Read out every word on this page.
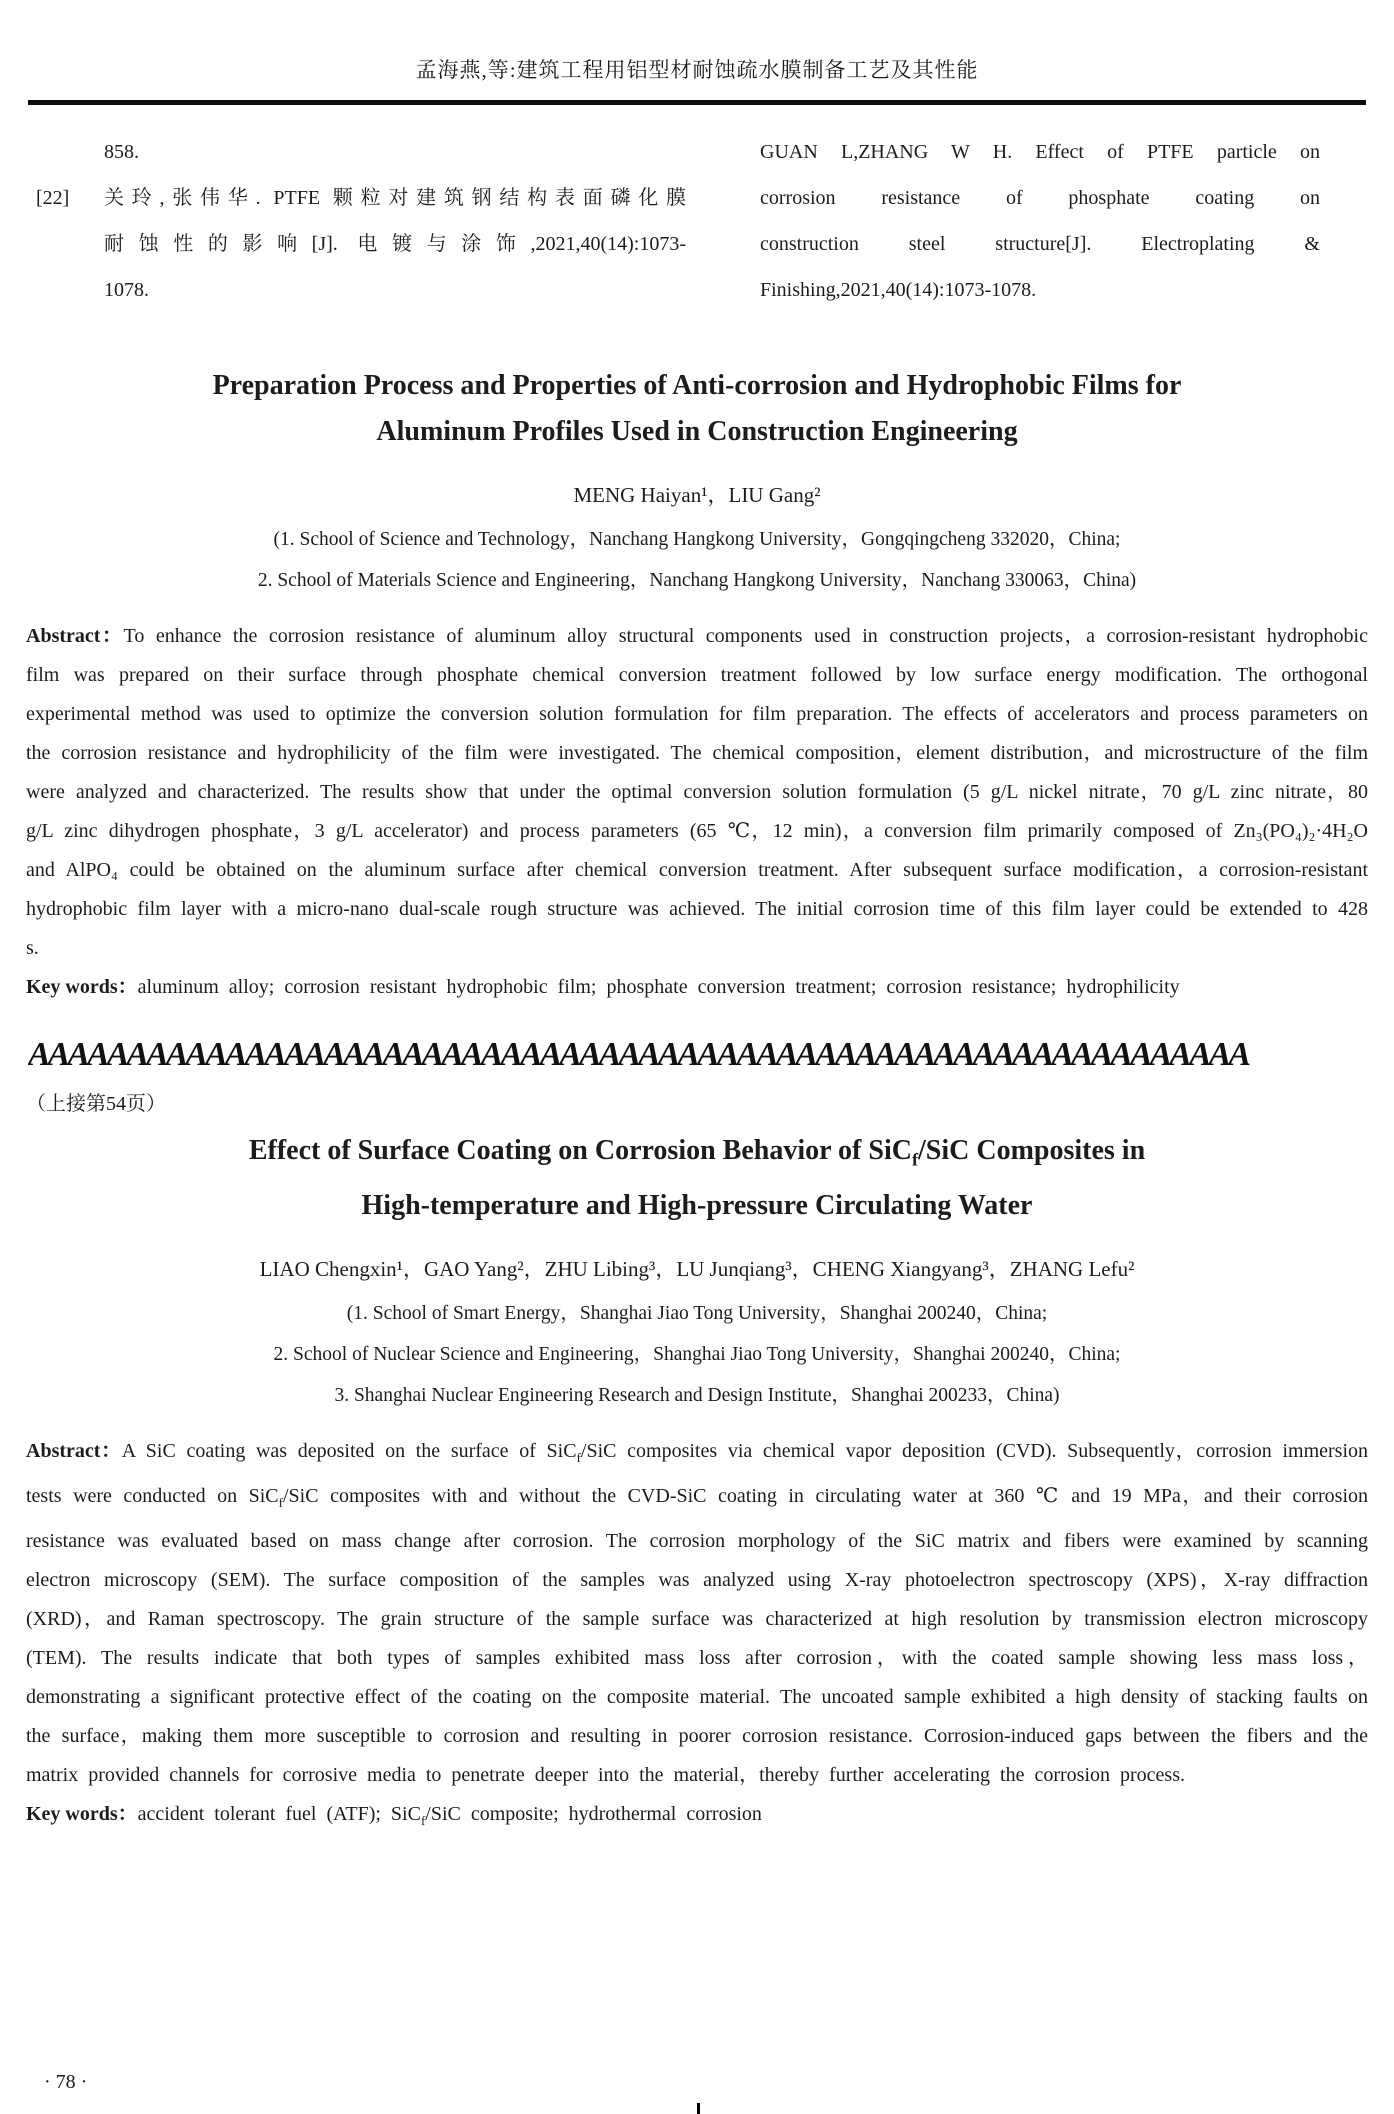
孟海燕,等:建筑工程用铝型材耐蚀疏水膜制备工艺及其性能
858.
[22]	关玲,张伟华. PTFE 颗粒对建筑钢结构表面磷化膜
耐蚀性的影响[J]. 电镀与涂饰,2021,40(14):1073-
1078.
GUAN L,ZHANG W H. Effect of PTFE particle on
corrosion resistance of phosphate coating on
construction steel structure[J]. Electroplating &
Finishing,2021,40(14):1073-1078.
Preparation Process and Properties of Anti-corrosion and Hydrophobic Films for
Aluminum Profiles Used in Construction Engineering
MENG Haiyan¹，LIU Gang²
(1. School of Science and Technology，Nanchang Hangkong University，Gongqingcheng 332020，China;
2. School of Materials Science and Engineering，Nanchang Hangkong University，Nanchang 330063，China)
Abstract：To enhance the corrosion resistance of aluminum alloy structural components used in construction projects，a corrosion-resistant hydrophobic film was prepared on their surface through phosphate chemical conversion treatment followed by low surface energy modification. The orthogonal experimental method was used to optimize the conversion solution formulation for film preparation. The effects of accelerators and process parameters on the corrosion resistance and hydrophilicity of the film were investigated. The chemical composition，element distribution，and microstructure of the film were analyzed and characterized. The results show that under the optimal conversion solution formulation (5 g/L nickel nitrate，70 g/L zinc nitrate，80 g/L zinc dihydrogen phosphate，3 g/L accelerator) and process parameters (65 ℃，12 min)，a conversion film primarily composed of Zn₃(PO₄)₂·4H₂O and AlPO₄ could be obtained on the aluminum surface after chemical conversion treatment. After subsequent surface modification，a corrosion-resistant hydrophobic film layer with a micro-nano dual-scale rough structure was achieved. The initial corrosion time of this film layer could be extended to 428 s.
Key words：aluminum alloy; corrosion resistant hydrophobic film; phosphate conversion treatment; corrosion resistance; hydrophilicity
AAAAAAAAAAAAAAAAAAAAAAAAAAAAAAAAAAAAAAAAAAAAAAAAAAAAAAAAAAAAAA
（上接第54页）
Effect of Surface Coating on Corrosion Behavior of SiC$_f$/SiC Composites in
High-temperature and High-pressure Circulating Water
LIAO Chengxin¹，GAO Yang²，ZHU Libing³，LU Junqiang³，CHENG Xiangyang³，ZHANG Lefu²
(1. School of Smart Energy，Shanghai Jiao Tong University，Shanghai 200240，China;
2. School of Nuclear Science and Engineering，Shanghai Jiao Tong University，Shanghai 200240，China;
3. Shanghai Nuclear Engineering Research and Design Institute，Shanghai 200233，China)
Abstract：A SiC coating was deposited on the surface of SiC$_f$/SiC composites via chemical vapor deposition (CVD). Subsequently，corrosion immersion tests were conducted on SiC$_f$/SiC composites with and without the CVD-SiC coating in circulating water at 360 ℃ and 19 MPa，and their corrosion resistance was evaluated based on mass change after corrosion. The corrosion morphology of the SiC matrix and fibers were examined by scanning electron microscopy (SEM). The surface composition of the samples was analyzed using X-ray photoelectron spectroscopy (XPS)，X-ray diffraction (XRD)，and Raman spectroscopy. The grain structure of the sample surface was characterized at high resolution by transmission electron microscopy (TEM). The results indicate that both types of samples exhibited mass loss after corrosion，with the coated sample showing less mass loss，demonstrating a significant protective effect of the coating on the composite material. The uncoated sample exhibited a high density of stacking faults on the surface，making them more susceptible to corrosion and resulting in poorer corrosion resistance. Corrosion-induced gaps between the fibers and the matrix provided channels for corrosive media to penetrate deeper into the material，thereby further accelerating the corrosion process.
Key words：accident tolerant fuel (ATF); SiC$_f$/SiC composite; hydrothermal corrosion
· 78 ·
